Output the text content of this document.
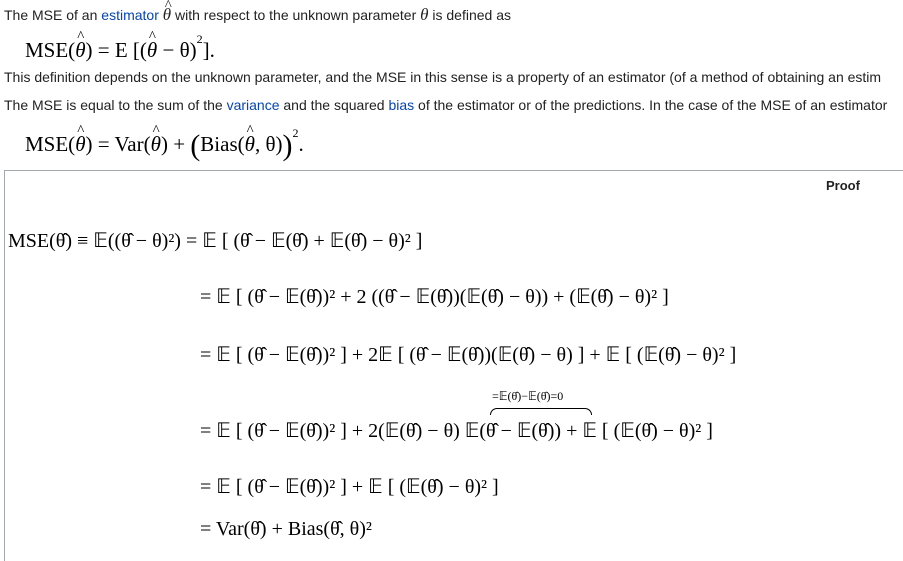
The MSE of an estimator ^ θ with respect to the unknown parameter θ is defined as
MSE(^ θ) = E [(^ θ − θ)$^2$].
This definition depends on the unknown parameter, and the MSE in this sense is a property of an estimator (of a method of obtaining an estim
The MSE is equal to the sum of the variance and the squared bias of the estimator or of the predictions. In the case of the MSE of an estimator
MSE(^ θ) = Var(^ θ) + (Bias(^ θ, θ))$^2$.
Proof
MSE(θ̂) ≡ 𝔼((θ̂ − θ)²) = 𝔼 [ (θ̂ − 𝔼(θ̂) + 𝔼(θ̂) − θ)² ]
= 𝔼 [ (θ̂ − 𝔼(θ̂))² + 2 ((θ̂ − 𝔼(θ̂))(𝔼(θ̂) − θ)) + (𝔼(θ̂) − θ)² ]
= 𝔼 [ (θ̂ − 𝔼(θ̂))² ] + 2𝔼 [ (θ̂ − 𝔼(θ̂))(𝔼(θ̂) − θ) ] + 𝔼 [ (𝔼(θ̂) − θ)² ]
=𝔼(θ̂)−𝔼(θ̂)=0
= 𝔼 [ (θ̂ − 𝔼(θ̂))² ] + 2(𝔼(θ̂) − θ) 𝔼(θ̂ − 𝔼(θ̂)) + 𝔼 [ (𝔼(θ̂) − θ)² ]
= 𝔼 [ (θ̂ − 𝔼(θ̂))² ] + 𝔼 [ (𝔼(θ̂) − θ)² ]
= Var(θ̂) + Bias(θ̂, θ)²
